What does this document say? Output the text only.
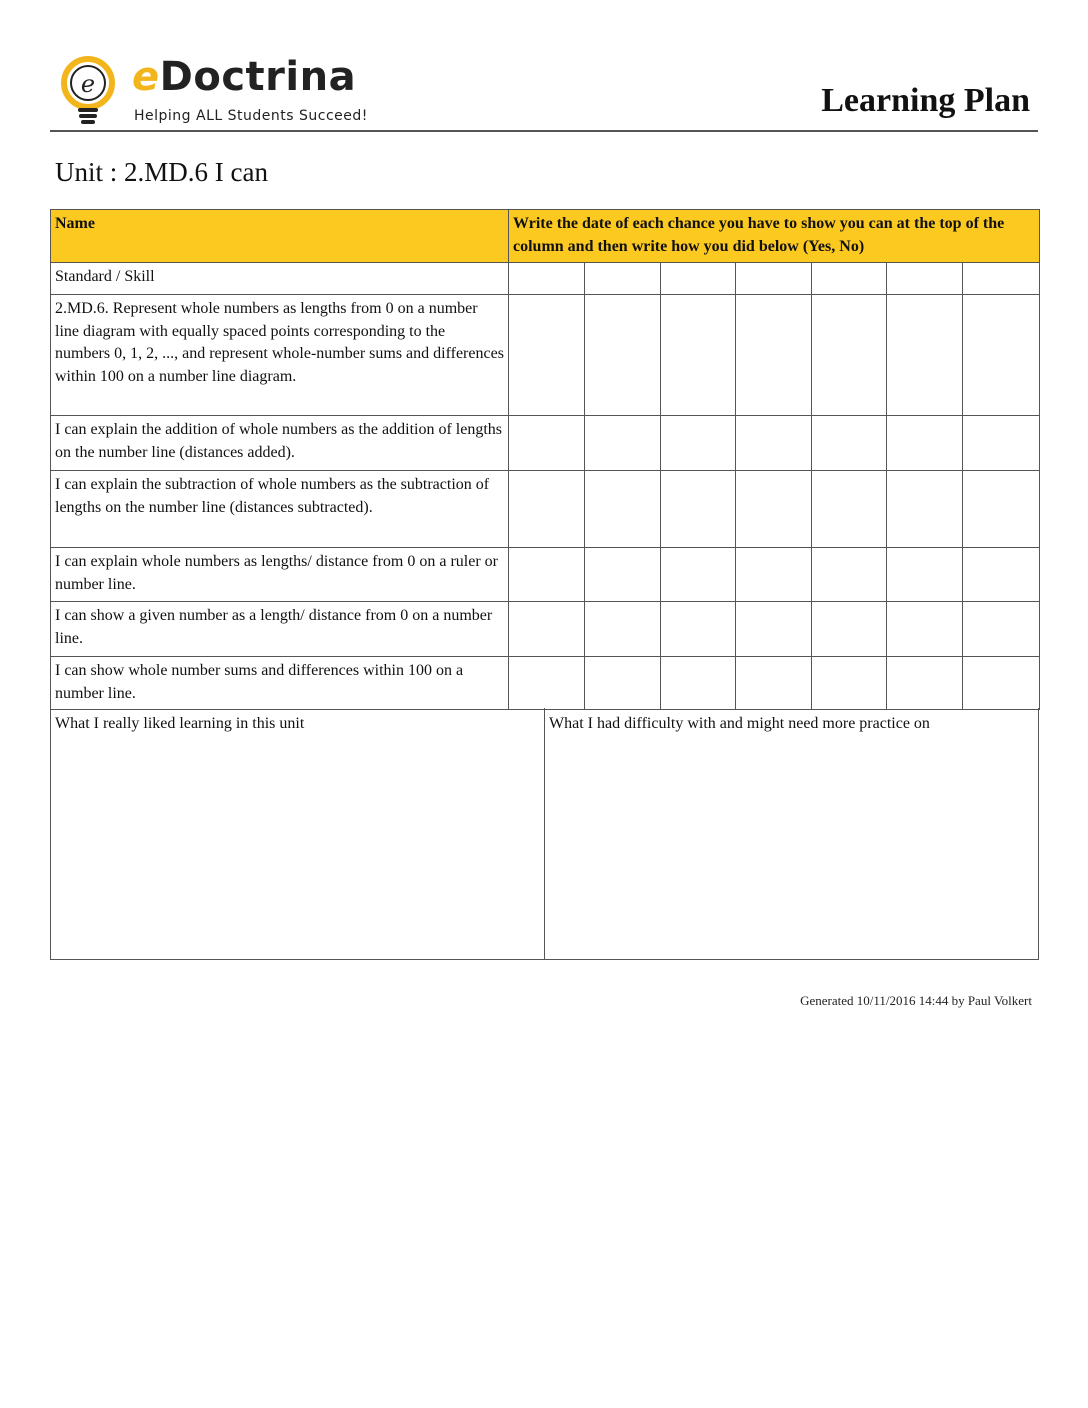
e eDoctrina
Helping ALL Students Succeed!	Learning Plan
Unit : 2.MD.6 I can
Name	Write the date of each chance you have to show you can at the top of the column and then write how you did below (Yes, No)						
Standard / Skill							
2.MD.6. Represent whole numbers as lengths from 0 on a number line diagram with equally spaced points corresponding to the numbers 0, 1, 2, ..., and represent whole-number sums and differences within 100 on a number line diagram.							
I can explain the addition of whole numbers as the addition of lengths on the number line (distances added).							
I can explain the subtraction of whole numbers as the subtraction of lengths on the number line (distances subtracted).							
I can explain whole numbers as lengths/ distance from 0 on a ruler or number line.							
I can show a given number as a length/ distance from 0 on a number line.							
I can show whole number sums and differences within 100 on a number line.							
What I really liked learning in this unit	What I had difficulty with and might need more practice on
Generated 10/11/2016 14:44 by Paul Volkert
